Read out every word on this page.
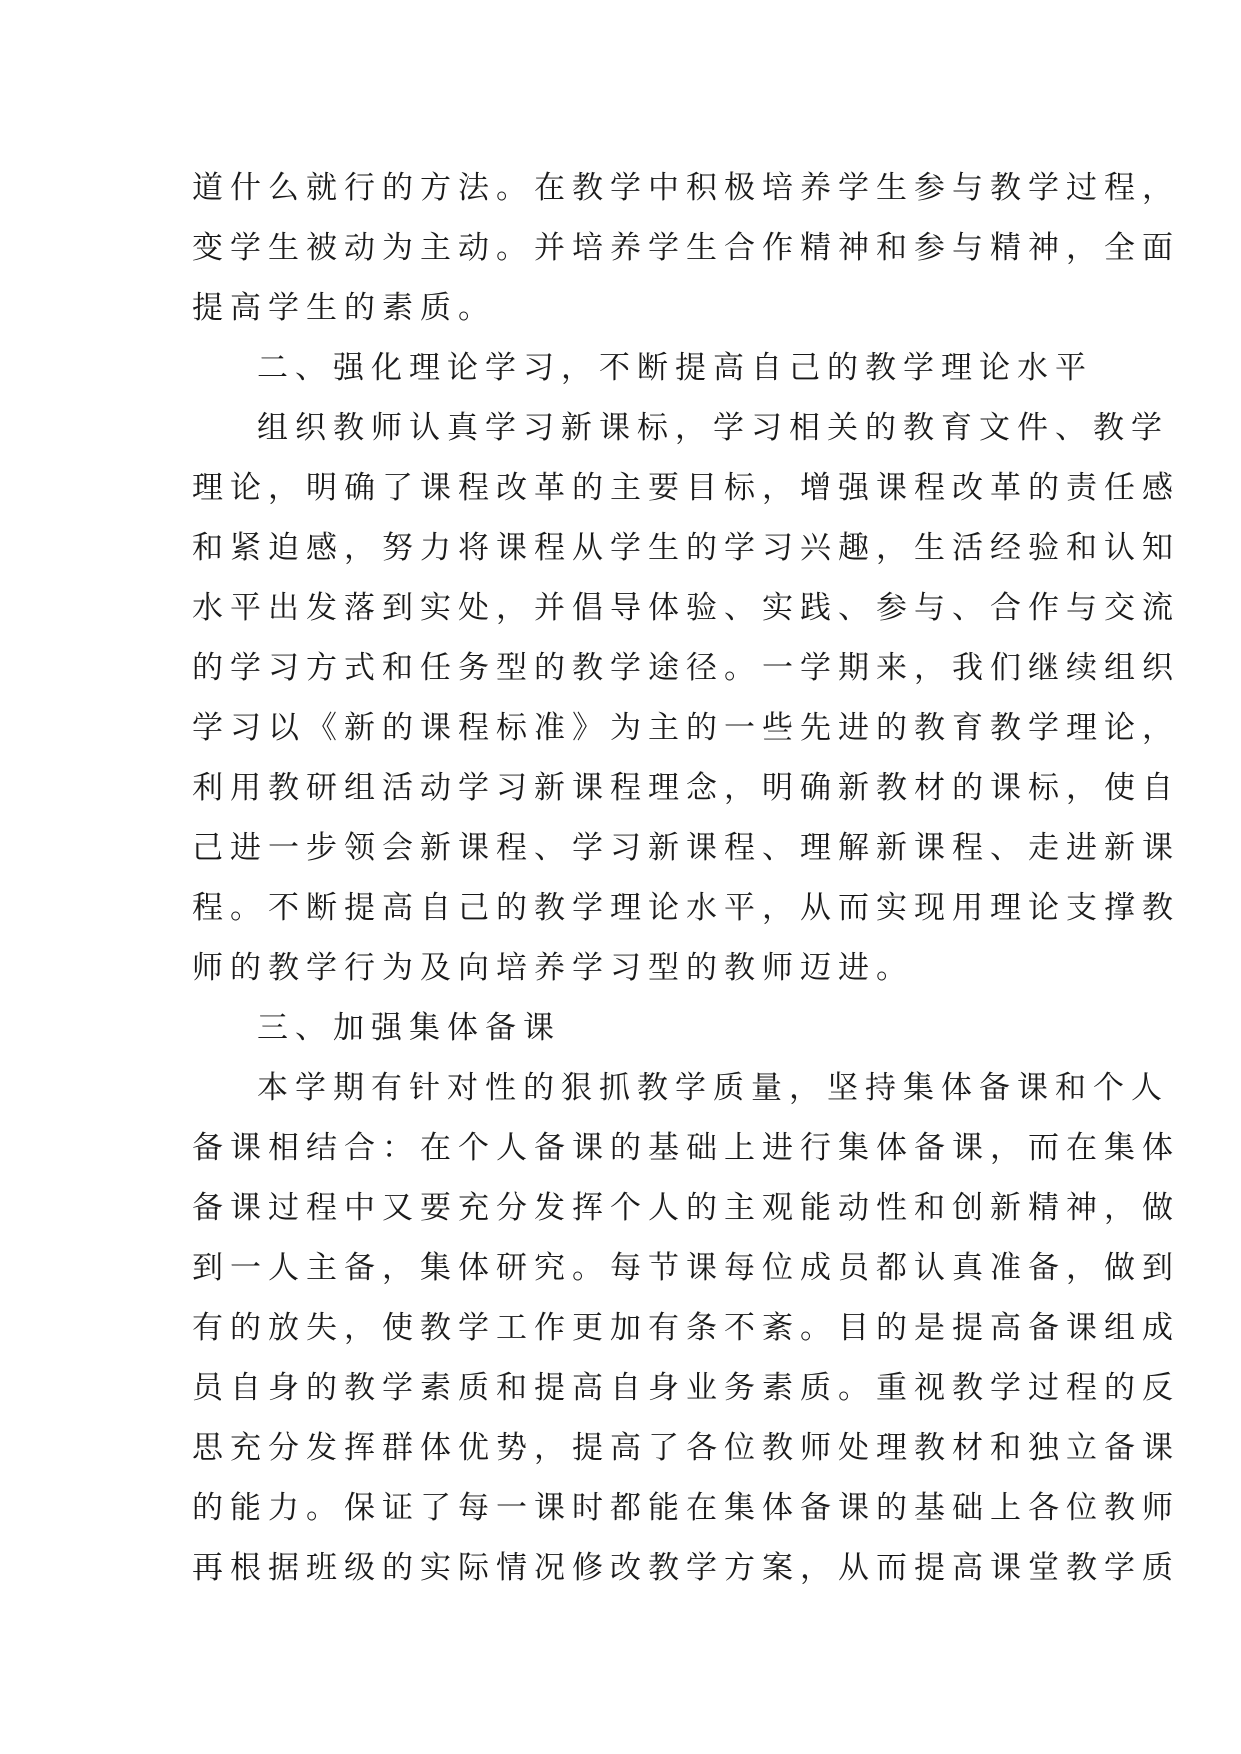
道什么就行的方法。在教学中积极培养学生参与教学过程，
变学生被动为主动。并培养学生合作精神和参与精神，全面
提高学生的素质。
二、强化理论学习，不断提高自己的教学理论水平
组织教师认真学习新课标，学习相关的教育文件、教学
理论，明确了课程改革的主要目标，增强课程改革的责任感
和紧迫感，努力将课程从学生的学习兴趣，生活经验和认知
水平出发落到实处，并倡导体验、实践、参与、合作与交流
的学习方式和任务型的教学途径。一学期来，我们继续组织
学习以《新的课程标准》为主的一些先进的教育教学理论，
利用教研组活动学习新课程理念，明确新教材的课标，使自
己进一步领会新课程、学习新课程、理解新课程、走进新课
程。不断提高自己的教学理论水平，从而实现用理论支撑教
师的教学行为及向培养学习型的教师迈进。
三、加强集体备课
本学期有针对性的狠抓教学质量，坚持集体备课和个人
备课相结合：在个人备课的基础上进行集体备课，而在集体
备课过程中又要充分发挥个人的主观能动性和创新精神，做
到一人主备，集体研究。每节课每位成员都认真准备，做到
有的放失，使教学工作更加有条不紊。目的是提高备课组成
员自身的教学素质和提高自身业务素质。重视教学过程的反
思充分发挥群体优势，提高了各位教师处理教材和独立备课
的能力。保证了每一课时都能在集体备课的基础上各位教师
再根据班级的实际情况修改教学方案，从而提高课堂教学质
